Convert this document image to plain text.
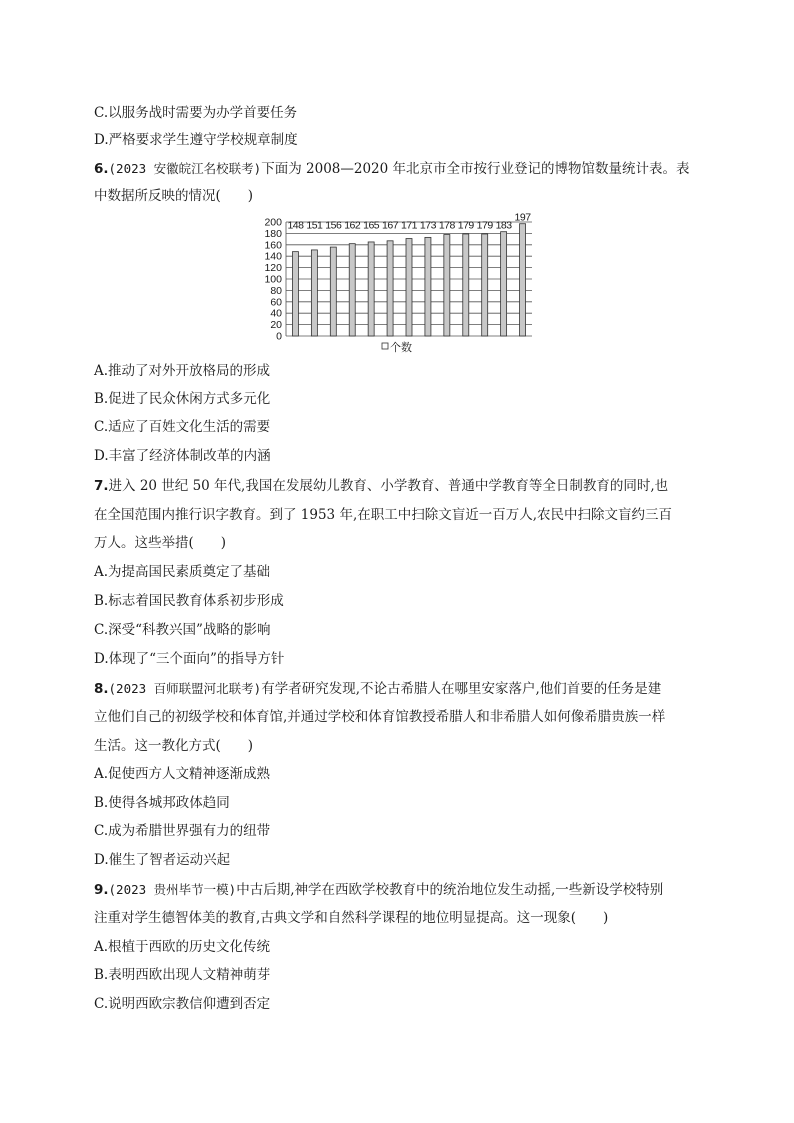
C.以服务战时需要为办学首要任务
D.严格要求学生遵守学校规章制度
6.(2023 安徽皖江名校联考)下面为 2008—2020 年北京市全市按行业登记的博物馆数量统计表。表
中数据所反映的情况(　　)
0
20
40
60
80
100
120
140
160
180
200 148 151 156 162 165 167 171 173 178 179 179 183
197
个数
A.推动了对外开放格局的形成
B.促进了民众休闲方式多元化
C.适应了百姓文化生活的需要
D.丰富了经济体制改革的内涵
7.进入 20 世纪 50 年代,我国在发展幼儿教育、小学教育、普通中学教育等全日制教育的同时,也
在全国范围内推行识字教育。到了 1953 年,在职工中扫除文盲近一百万人,农民中扫除文盲约三百
万人。这些举措(　　)
A.为提高国民素质奠定了基础
B.标志着国民教育体系初步形成
C.深受“科教兴国”战略的影响
D.体现了“三个面向”的指导方针
8.(2023 百师联盟河北联考)有学者研究发现,不论古希腊人在哪里安家落户,他们首要的任务是建
立他们自己的初级学校和体育馆,并通过学校和体育馆教授希腊人和非希腊人如何像希腊贵族一样
生活。这一教化方式(　　)
A.促使西方人文精神逐渐成熟
B.使得各城邦政体趋同
C.成为希腊世界强有力的纽带
D.催生了智者运动兴起
9.(2023 贵州毕节一模)中古后期,神学在西欧学校教育中的统治地位发生动摇,一些新设学校特别
注重对学生德智体美的教育,古典文学和自然科学课程的地位明显提高。这一现象(　　)
A.根植于西欧的历史文化传统
B.表明西欧出现人文精神萌芽
C.说明西欧宗教信仰遭到否定
